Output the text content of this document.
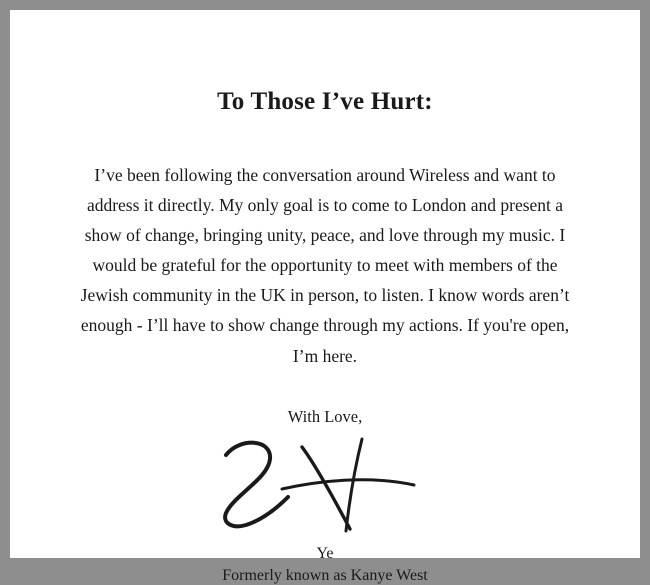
To Those I’ve Hurt:

I’ve been following the conversation around Wireless and want to address it directly. My only goal is to come to London and present a show of change, bringing unity, peace, and love through my music. I would be grateful for the opportunity to meet with members of the Jewish community in the UK in person, to listen. I know words aren’t enough - I’ll have to show change through my actions. If you're open, I’m here.

With Love,

Ye

Formerly known as Kanye West
